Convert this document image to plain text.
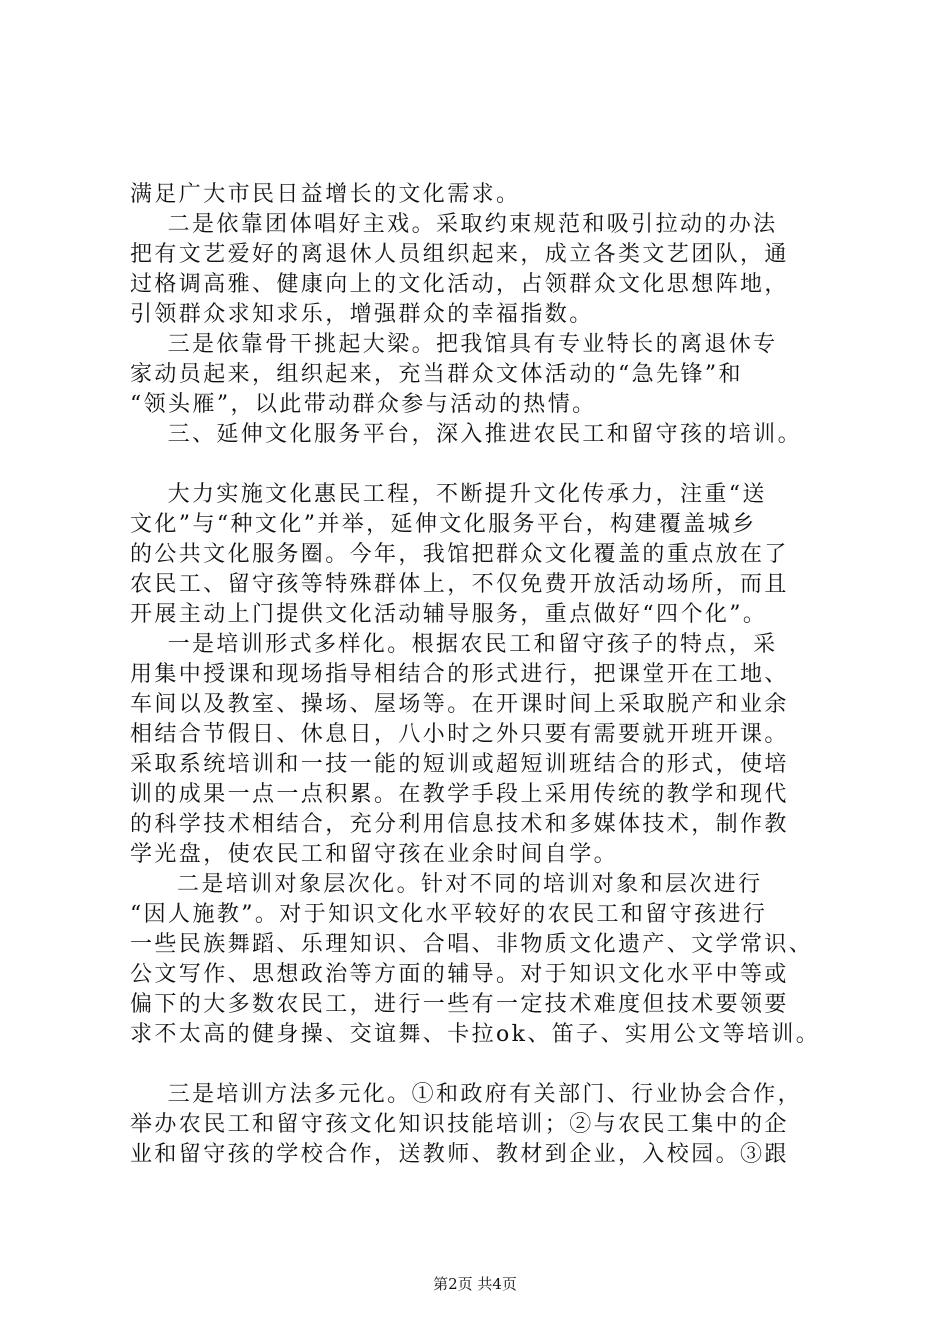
满足广大市民日益增长的文化需求。
二是依靠团体唱好主戏。采取约束规范和吸引拉动的办法
把有文艺爱好的离退休人员组织起来，成立各类文艺团队，通
过格调高雅、健康向上的文化活动，占领群众文化思想阵地，
引领群众求知求乐，增强群众的幸福指数。
三是依靠骨干挑起大梁。把我馆具有专业特长的离退休专
家动员起来，组织起来，充当群众文体活动的“急先锋”和
“领头雁”，以此带动群众参与活动的热情。
三、延伸文化服务平台，深入推进农民工和留守孩的培训。
大力实施文化惠民工程，不断提升文化传承力，注重“送
文化”与“种文化”并举，延伸文化服务平台，构建覆盖城乡
的公共文化服务圈。今年，我馆把群众文化覆盖的重点放在了
农民工、留守孩等特殊群体上，不仅免费开放活动场所，而且
开展主动上门提供文化活动辅导服务，重点做好“四个化”。
一是培训形式多样化。根据农民工和留守孩子的特点，采
用集中授课和现场指导相结合的形式进行，把课堂开在工地、
车间以及教室、操场、屋场等。在开课时间上采取脱产和业余
相结合节假日、休息日，八小时之外只要有需要就开班开课。
采取系统培训和一技一能的短训或超短训班结合的形式，使培
训的成果一点一点积累。在教学手段上采用传统的教学和现代
的科学技术相结合，充分利用信息技术和多媒体技术，制作教
学光盘，使农民工和留守孩在业余时间自学。
二是培训对象层次化。针对不同的培训对象和层次进行
“因人施教”。对于知识文化水平较好的农民工和留守孩进行
一些民族舞蹈、乐理知识、合唱、非物质文化遗产、文学常识、
公文写作、思想政治等方面的辅导。对于知识文化水平中等或
偏下的大多数农民工，进行一些有一定技术难度但技术要领要
求不太高的健身操、交谊舞、卡拉ok、笛子、实用公文等培训。
三是培训方法多元化。①和政府有关部门、行业协会合作，
举办农民工和留守孩文化知识技能培训；②与农民工集中的企
业和留守孩的学校合作，送教师、教材到企业，入校园。③跟
第2页 共4页
